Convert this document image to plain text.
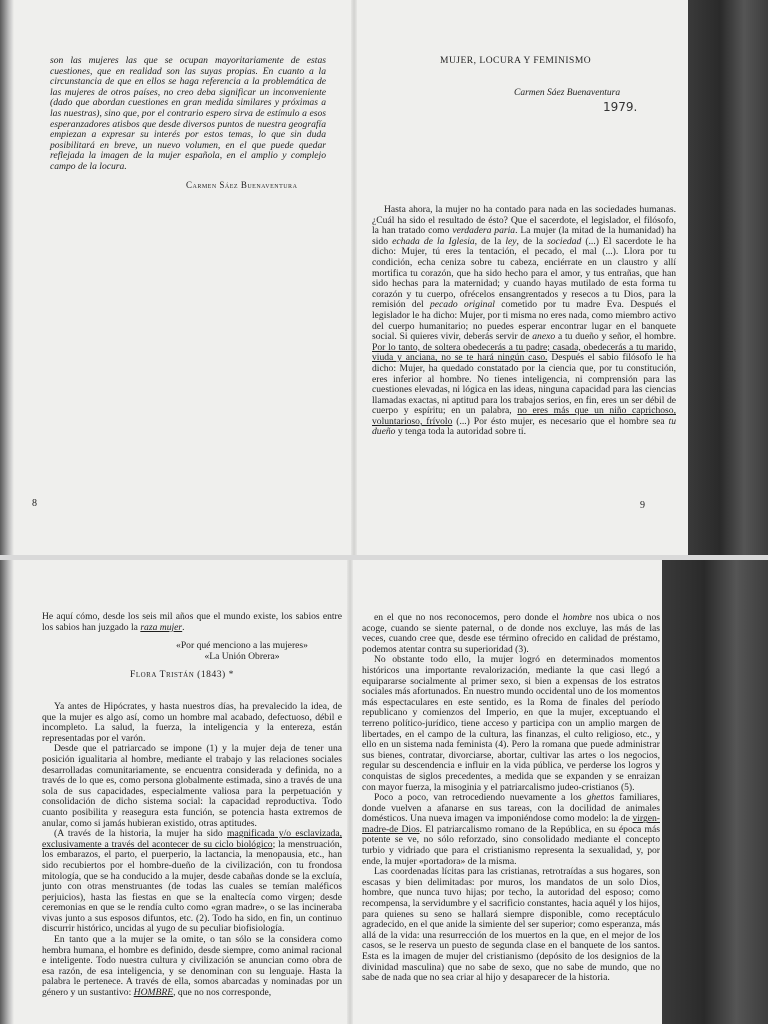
son las mujeres las que se ocupan mayoritariamente de estas cuestiones, que en realidad son las suyas propias. En cuanto a la circunstancia de que en ellos se haga referencia a la problemática de las mujeres de otros países, no creo deba significar un inconveniente (dado que abordan cuestiones en gran medida similares y próximas a las nuestras), sino que, por el contrario espero sirva de estímulo a esos esperanzadores atisbos que desde diversos puntos de nuestra geografía empiezan a expresar su interés por estos temas, lo que sin duda posibilitará en breve, un nuevo volumen, en el que puede quedar reflejada la imagen de la mujer española, en el amplio y complejo campo de la locura.
Carmen Sáez Buenaventura
8
MUJER, LOCURA Y FEMINISMO
Carmen Sáez Buenaventura
1979.

Hasta ahora, la mujer no ha contado para nada en las sociedades humanas. ¿Cuál ha sido el resultado de ésto? Que el sacerdote, el legislador, el filósofo, la han tratado como verdadera paria. La mujer (la mitad de la humanidad) ha sido echada de la Iglesia, de la ley, de la sociedad (...) El sacerdote le ha dicho: Mujer, tú eres la tentación, el pecado, el mal (...). Llora por tu condición, echa ceniza sobre tu cabeza, enciérrate en un claustro y allí mortifica tu corazón, que ha sido hecho para el amor, y tus entrañas, que han sido hechas para la maternidad; y cuando hayas mutilado de esta forma tu corazón y tu cuerpo, ofrécelos ensangrentados y resecos a tu Dios, para la remisión del pecado original cometido por tu madre Eva. Después el legislador le ha dicho: Mujer, por ti misma no eres nada, como miembro activo del cuerpo humanitario; no puedes esperar encontrar lugar en el banquete social. Si quieres vivir, deberás servir de anexo a tu dueño y señor, el hombre. Por lo tanto, de soltera obedecerás a tu padre; casada, obedecerás a tu marido, viuda y anciana, no se te hará ningún caso. Después el sabio filósofo le ha dicho: Mujer, ha quedado constatado por la ciencia que, por tu constitución, eres inferior al hombre. No tienes inteligencia, ni comprensión para las cuestiones elevadas, ni lógica en las ideas, ninguna capacidad para las ciencias llamadas exactas, ni aptitud para los trabajos serios, en fin, eres un ser débil de cuerpo y espíritu; en un palabra, no eres más que un niño caprichoso, voluntarioso, frívolo (...) Por ésto mujer, es necesario que el hombre sea tu dueño y tenga toda la autoridad sobre ti.

9

He aquí cómo, desde los seis mil años que el mundo existe, los sabios entre los sabios han juzgado la raza mujer.

«Por qué menciono a las mujeres»
«La Unión Obrera»
Flora Tristán (1843) *

Ya antes de Hipócrates, y hasta nuestros días, ha prevalecido la idea, de que la mujer es algo así, como un hombre mal acabado, defectuoso, débil e incompleto. La salud, la fuerza, la inteligencia y la entereza, están representadas por el varón.

Desde que el patriarcado se impone (1) y la mujer deja de tener una posición igualitaria al hombre, mediante el trabajo y las relaciones sociales desarrolladas comunitariamente, se encuentra considerada y definida, no a través de lo que es, como persona globalmente estimada, sino a través de una sola de sus capacidades, especialmente valiosa para la perpetuación y consolidación de dicho sistema social: la capacidad reproductiva. Todo cuanto posibilita y reasegura esta función, se potencia hasta extremos de anular, como si jamás hubieran existido, otras aptitudes.

(A través de la historia, la mujer ha sido magnificada y/o esclavizada, exclusivamente a través del acontecer de su ciclo biológico; la menstruación, los embarazos, el parto, el puerperio, la lactancia, la menopausia, etc., han sido recubiertos por el hombre-dueño de la civilización, con tu frondosa mitología, que se ha conducido a la mujer, desde cabañas donde se la excluía, junto con otras menstruantes (de todas las cuales se temían maléficos perjuicios), hasta las fiestas en que se la enaltecía como virgen; desde ceremonias en que se le rendía culto como «gran madre», o se las incineraba vivas junto a sus esposos difuntos, etc. (2). Todo ha sido, en fin, un continuo discurrir histórico, uncidas al yugo de su peculiar biofisiología.

En tanto que a la mujer se la omite, o tan sólo se la considera como hembra humana, el hombre es definido, desde siempre, como animal racional e inteligente. Todo nuestra cultura y civilización se anuncian como obra de esa razón, de esa inteligencia, y se denominan con su lenguaje. Hasta la palabra le pertenece. A través de ella, somos abarcadas y nominadas por un género y un sustantivo: HOMBRE, que no nos corresponde,

en el que no nos reconocemos, pero donde el hombre nos ubica o nos acoge, cuando se siente paternal, o de donde nos excluye, las más de las veces, cuando cree que, desde ese término ofrecido en calidad de préstamo, podemos atentar contra su superioridad (3).

No obstante todo ello, la mujer logró en determinados momentos históricos una importante revalorización, mediante la que casi llegó a equipararse socialmente al primer sexo, si bien a expensas de los estratos sociales más afortunados. En nuestro mundo occidental uno de los momentos más espectaculares en este sentido, es la Roma de finales del período republicano y comienzos del Imperio, en que la mujer, exceptuando el terreno político-jurídico, tiene acceso y participa con un amplio margen de libertades, en el campo de la cultura, las finanzas, el culto religioso, etc., y ello en un sistema nada feminista (4). Pero la romana que puede administrar sus bienes, contratar, divorciarse, abortar, cultivar las artes o los negocios, regular su descendencia e influir en la vida pública, ve perderse los logros y conquistas de siglos precedentes, a medida que se expanden y se enraizan con mayor fuerza, la misoginia y el patriarcalismo judeo-cristianos (5).

Poco a poco, van retrocediendo nuevamente a los ghettos familiares, donde vuelven a afanarse en sus tareas, con la docilidad de animales domésticos. Una nueva imagen va imponiéndose como modelo: la de virgen-madre-de Dios. El patriarcalismo romano de la República, en su época más potente se ve, no sólo reforzado, sino consolidado mediante el concepto turbio y vidriado que para el cristianismo representa la sexualidad, y, por ende, la mujer «portadora» de la misma.

Las coordenadas lícitas para las cristianas, retrotraídas a sus hogares, son escasas y bien delimitadas: por muros, los mandatos de un solo Dios, hombre, que nunca tuvo hijas; por techo, la autoridad del esposo; como recompensa, la servidumbre y el sacrificio constantes, hacia aquél y los hijos, para quienes su seno se hallará siempre disponible, como receptáculo agradecido, en el que anide la simiente del ser superior; como esperanza, más allá de la vida: una resurrección de los muertos en la que, en el mejor de los casos, se le reserva un puesto de segunda clase en el banquete de los santos. Esta es la imagen de mujer del cristianismo (depósito de los designios de la divinidad masculina) que no sabe de sexo, que no sabe de mundo, que no sabe de nada que no sea criar al hijo y desaparecer de la historia.
